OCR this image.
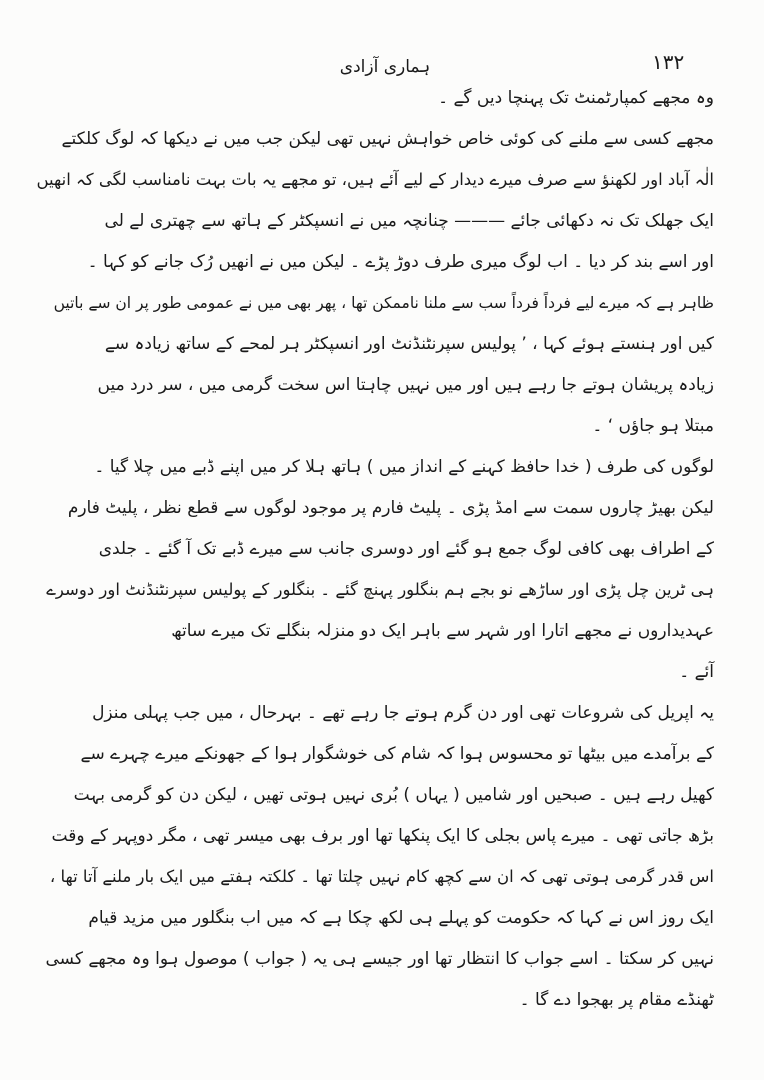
۱۳۲
ہماری آزادی
وہ مجھے کمپارٹمنٹ تک پہنچا دیں گے ۔
مجھے کسی سے ملنے کی کوئی خاص خواہش نہیں تھی لیکن جب میں نے دیکھا کہ لوگ کلکتے
الٰہ آباد اور لکھنؤ سے صرف میرے دیدار کے لیے آئے ہیں، تو مجھے یہ بات بہت نامناسب لگی کہ انھیں
ایک جھلک تک نہ دکھائی جائے ——— چنانچہ میں نے انسپکٹر کے ہاتھ سے چھتری لے لی
اور اسے بند کر دیا ۔ اب لوگ میری طرف دوڑ پڑے ۔ لیکن میں نے انھیں رُک جانے کو کہا ۔
ظاہر ہے کہ میرے لیے فرداً فرداً سب سے ملنا ناممکن تھا ، پھر بھی میں نے عمومی طور پر ان سے باتیں
کیں اور ہنستے ہوئے کہا ، ’ پولیس سپرنٹنڈنٹ اور انسپکٹر ہر لمحے کے ساتھ زیادہ سے
زیادہ پریشان ہوتے جا رہے ہیں اور میں نہیں چاہتا اس سخت گرمی میں ، سر درد میں
مبتلا ہو جاؤں ‘ ۔
لوگوں کی طرف ( خدا حافظ کہنے کے انداز میں ) ہاتھ ہلا کر میں اپنے ڈبے میں چلا گیا ۔
لیکن بھیڑ چاروں سمت سے امڈ پڑی ۔ پلیٹ فارم پر موجود لوگوں سے قطع نظر ، پلیٹ فارم
کے اطراف بھی کافی لوگ جمع ہو گئے اور دوسری جانب سے میرے ڈبے تک آ گئے ۔ جلدی
ہی ٹرین چل پڑی اور ساڑھے نو بجے ہم بنگلور پہنچ گئے ۔ بنگلور کے پولیس سپرنٹنڈنٹ اور دوسرے
عہدیداروں نے مجھے اتارا اور شہر سے باہر ایک دو منزلہ بنگلے تک میرے ساتھ
آئے ۔
یہ اپریل کی شروعات تھی اور دن گرم ہوتے جا رہے تھے ۔ بہرحال ، میں جب پہلی منزل
کے برآمدے میں بیٹھا تو محسوس ہوا کہ شام کی خوشگوار ہوا کے جھونکے میرے چہرے سے
کھیل رہے ہیں ۔ صبحیں اور شامیں ( یہاں ) بُری نہیں ہوتی تھیں ، لیکن دن کو گرمی بہت
بڑھ جاتی تھی ۔ میرے پاس بجلی کا ایک پنکھا تھا اور برف بھی میسر تھی ، مگر دوپہر کے وقت
اس قدر گرمی ہوتی تھی کہ ان سے کچھ کام نہیں چلتا تھا ۔ کلکتہ ہفتے میں ایک بار ملنے آتا تھا ،
ایک روز اس نے کہا کہ حکومت کو پہلے ہی لکھ چکا ہے کہ میں اب بنگلور میں مزید قیام
نہیں کر سکتا ۔ اسے جواب کا انتظار تھا اور جیسے ہی یہ ( جواب ) موصول ہوا وہ مجھے کسی
ٹھنڈے مقام پر بھجوا دے گا ۔
